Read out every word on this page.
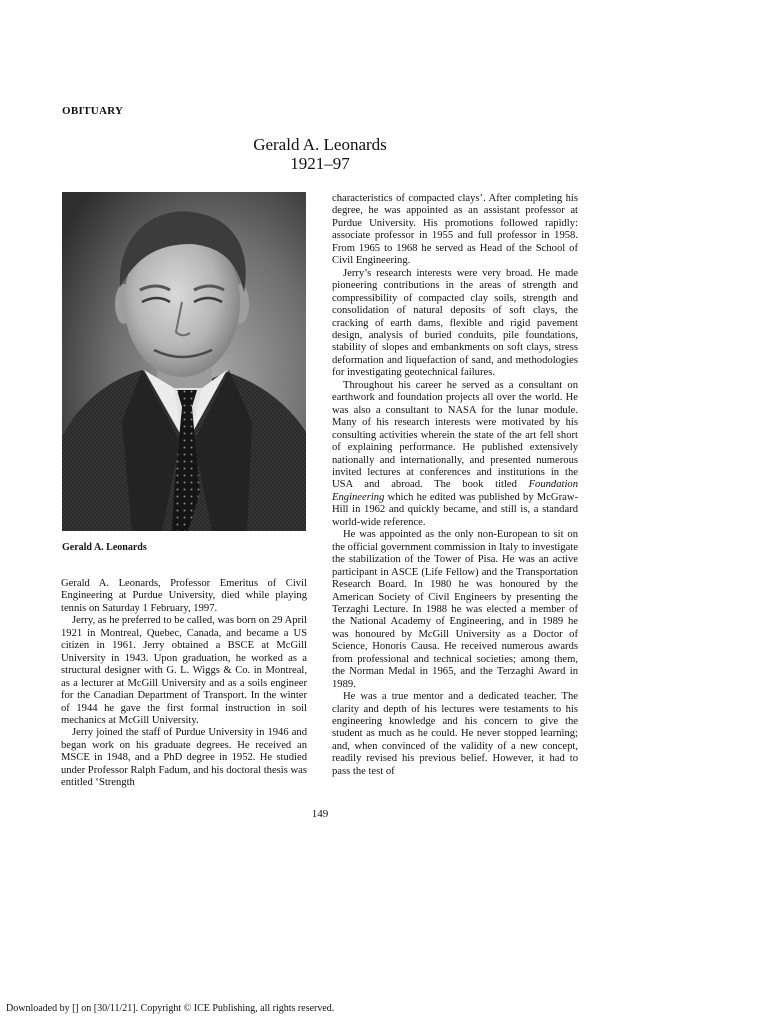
OBITUARY
Gerald A. Leonards
1921–97
Gerald A. Leonards

Gerald A. Leonards, Professor Emeritus of Civil Engineering at Purdue University, died while playing tennis on Saturday 1 February, 1997.

Jerry, as he preferred to be called, was born on 29 April 1921 in Montreal, Quebec, Canada, and became a US citizen in 1961. Jerry obtained a BSCE at McGill University in 1943. Upon graduation, he worked as a structural designer with G. L. Wiggs & Co. in Montreal, as a lecturer at McGill University and as a soils engineer for the Canadian Department of Transport. In the winter of 1944 he gave the first formal instruction in soil mechanics at McGill University.

Jerry joined the staff of Purdue University in 1946 and began work on his graduate degrees. He received an MSCE in 1948, and a PhD degree in 1952. He studied under Professor Ralph Fadum, and his doctoral thesis was entitled ‘Strength

characteristics of compacted clays’. After completing his degree, he was appointed as an assistant professor at Purdue University. His promotions followed rapidly: associate professor in 1955 and full professor in 1958. From 1965 to 1968 he served as Head of the School of Civil Engineering.

Jerry’s research interests were very broad. He made pioneering contributions in the areas of strength and compressibility of compacted clay soils, strength and consolidation of natural deposits of soft clays, the cracking of earth dams, flexible and rigid pavement design, analysis of buried conduits, pile foundations, stability of slopes and embankments on soft clays, stress deformation and liquefaction of sand, and methodologies for investigating geotechnical failures.

Throughout his career he served as a consultant on earthwork and foundation projects all over the world. He was also a consultant to NASA for the lunar module. Many of his research interests were motivated by his consulting activities wherein the state of the art fell short of explaining performance. He published extensively nationally and internationally, and presented numerous invited lectures at conferences and institutions in the USA and abroad. The book titled Foundation Engineering which he edited was published by McGraw-Hill in 1962 and quickly became, and still is, a standard world-wide reference.

He was appointed as the only non-European to sit on the official government commission in Italy to investigate the stabilization of the Tower of Pisa. He was an active participant in ASCE (Life Fellow) and the Transportation Research Board. In 1980 he was honoured by the American Society of Civil Engineers by presenting the Terzaghi Lecture. In 1988 he was elected a member of the National Academy of Engineering, and in 1989 he was honoured by McGill University as a Doctor of Science, Honoris Causa. He received numerous awards from professional and technical societies; among them, the Norman Medal in 1965, and the Terzaghi Award in 1989.

He was a true mentor and a dedicated teacher. The clarity and depth of his lectures were testaments to his engineering knowledge and his concern to give the student as much as he could. He never stopped learning; and, when convinced of the validity of a new concept, readily revised his previous belief. However, it had to pass the test of

149
Downloaded by [] on [30/11/21]. Copyright © ICE Publishing, all rights reserved.
